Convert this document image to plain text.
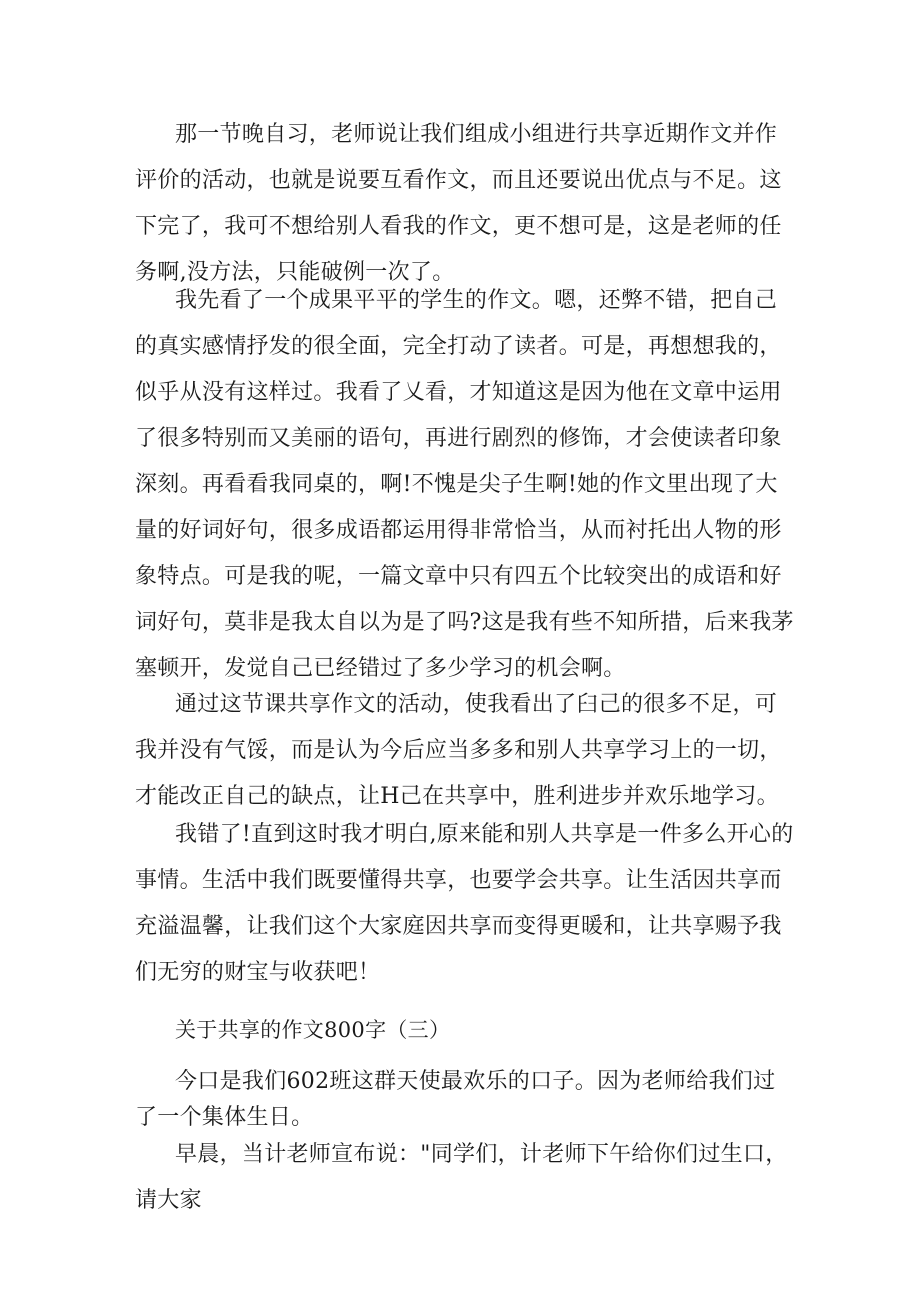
那一节晚自习，老师说让我们组成小组进行共享近期作文并作评价的活动，也就是说要互看作文，而且还要说出优点与不足。这下完了，我可不想给别人看我的作文，更不想可是，这是老师的任务啊,没方法，只能破例一次了。

我先看了一个成果平平的学生的作文。嗯，还弊不错，把自己的真实感情抒发的很全面，完全打动了读者。可是，再想想我的，似乎从没有这样过。我看了乂看，才知道这是因为他在文章中运用了很多特别而又美丽的语句，再进行剧烈的修饰，才会使读者印象深刻。再看看我同桌的，啊!不愧是尖子生啊!她的作文里出现了大量的好词好句，很多成语都运用得非常恰当，从而衬托出人物的形象特点。可是我的呢，一篇文章中只有四五个比较突出的成语和好词好句，莫非是我太自以为是了吗?这是我有些不知所措，后来我茅塞顿开，发觉自己已经错过了多少学习的机会啊。

通过这节课共享作文的活动，使我看出了臼己的很多不足，可我并没有气馁，而是认为今后应当多多和别人共享学习上的一切，才能改正自己的缺点，让H己在共享中，胜利进步并欢乐地学习。

我错了!直到这时我才明白,原来能和别人共享是一件多么开心的事情。生活中我们既要懂得共享，也要学会共享。让生活因共享而充溢温馨，让我们这个大家庭因共享而变得更暖和，让共享赐予我们无穷的财宝与收获吧！

关于共享的作文800字（三）

今口是我们602班这群天使最欢乐的口子。因为老师给我们过了一个集体生日。

早晨，当计老师宣布说："同学们，计老师下午给你们过生口，请大家
